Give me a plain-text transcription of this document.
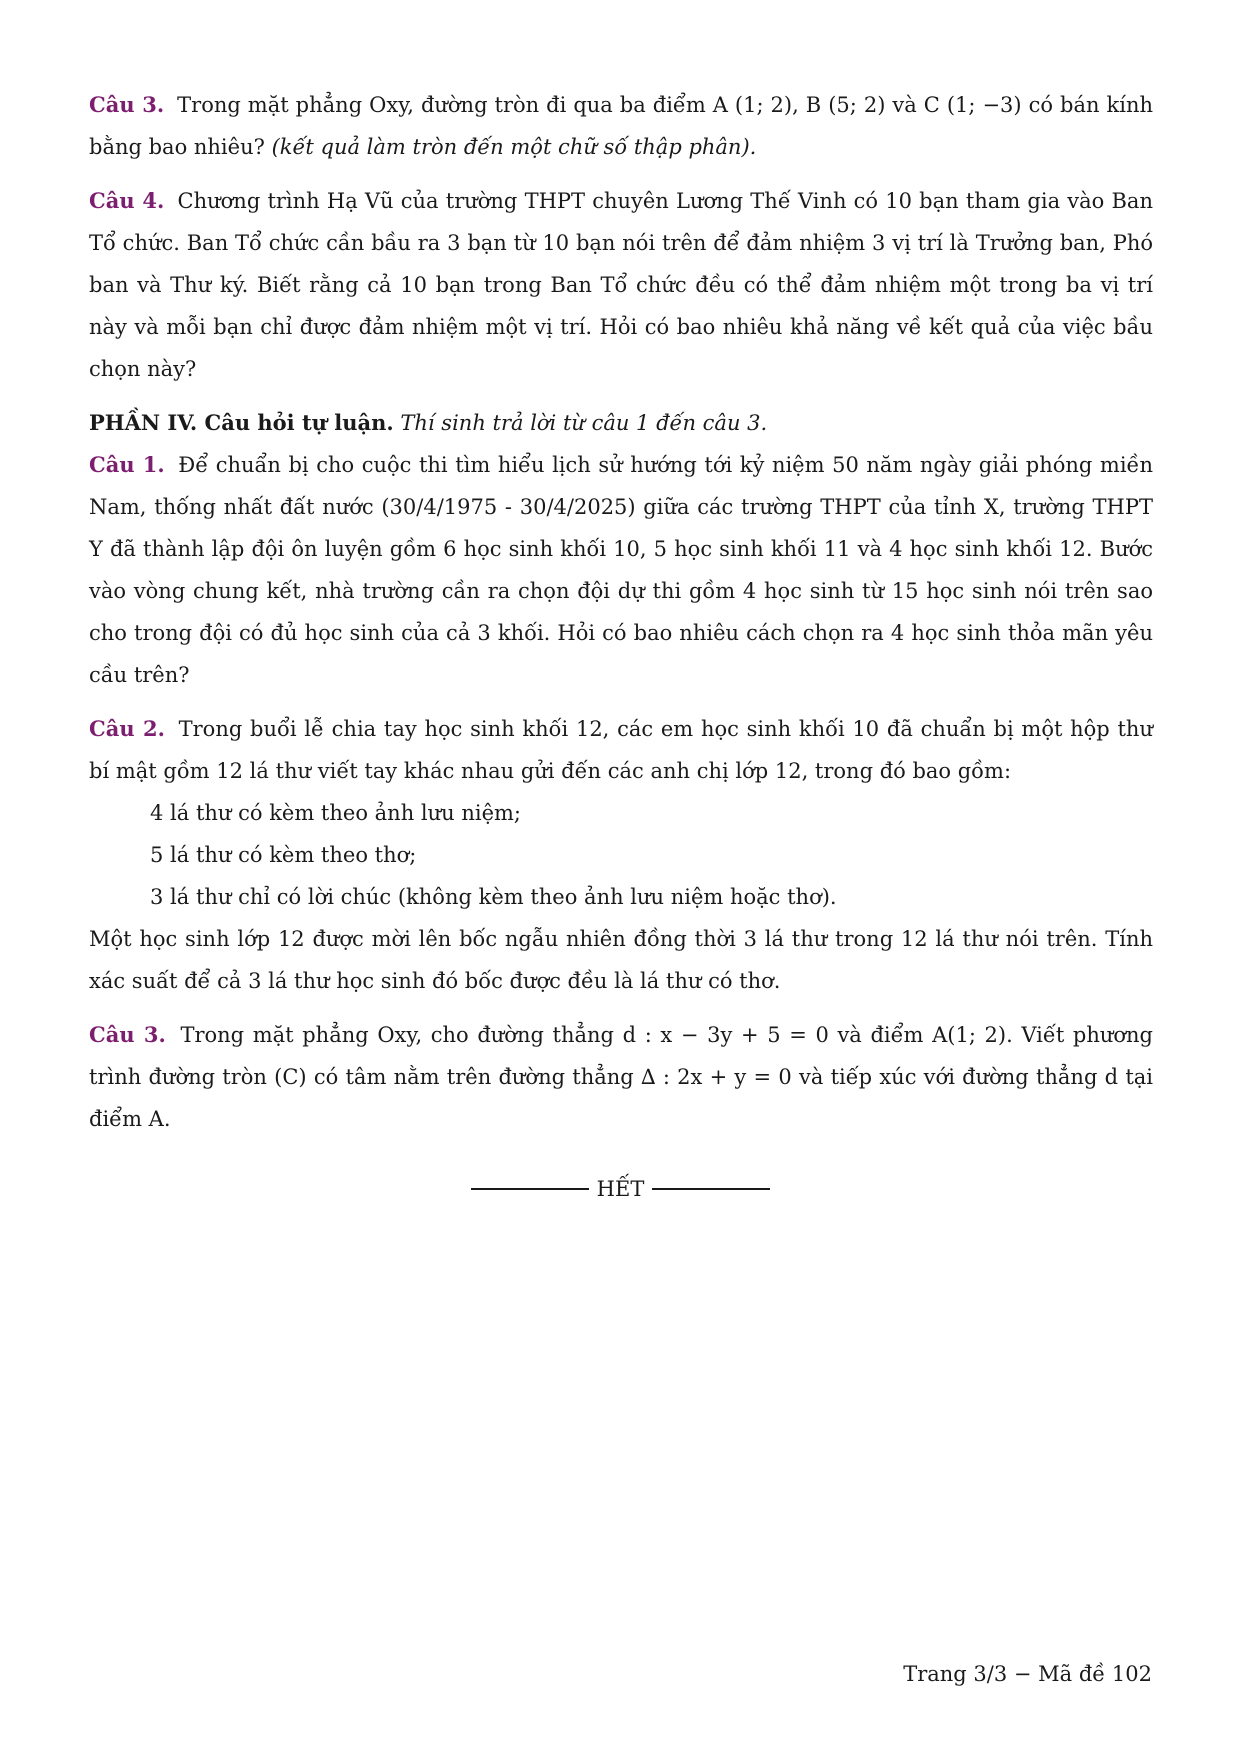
Câu 3. Trong mặt phẳng Oxy, đường tròn đi qua ba điểm A (1; 2), B (5; 2) và C (1; −3) có bán kính bằng bao nhiêu? (kết quả làm tròn đến một chữ số thập phân).

Câu 4. Chương trình Hạ Vũ của trường THPT chuyên Lương Thế Vinh có 10 bạn tham gia vào Ban Tổ chức. Ban Tổ chức cần bầu ra 3 bạn từ 10 bạn nói trên để đảm nhiệm 3 vị trí là Trưởng ban, Phó ban và Thư ký. Biết rằng cả 10 bạn trong Ban Tổ chức đều có thể đảm nhiệm một trong ba vị trí này và mỗi bạn chỉ được đảm nhiệm một vị trí. Hỏi có bao nhiêu khả năng về kết quả của việc bầu chọn này?

PHẦN IV. Câu hỏi tự luận. Thí sinh trả lời từ câu 1 đến câu 3.

Câu 1. Để chuẩn bị cho cuộc thi tìm hiểu lịch sử hướng tới kỷ niệm 50 năm ngày giải phóng miền Nam, thống nhất đất nước (30/4/1975 - 30/4/2025) giữa các trường THPT của tỉnh X, trường THPT Y đã thành lập đội ôn luyện gồm 6 học sinh khối 10, 5 học sinh khối 11 và 4 học sinh khối 12. Bước vào vòng chung kết, nhà trường cần ra chọn đội dự thi gồm 4 học sinh từ 15 học sinh nói trên sao cho trong đội có đủ học sinh của cả 3 khối. Hỏi có bao nhiêu cách chọn ra 4 học sinh thỏa mãn yêu cầu trên?

Câu 2. Trong buổi lễ chia tay học sinh khối 12, các em học sinh khối 10 đã chuẩn bị một hộp thư bí mật gồm 12 lá thư viết tay khác nhau gửi đến các anh chị lớp 12, trong đó bao gồm:

4 lá thư có kèm theo ảnh lưu niệm;

5 lá thư có kèm theo thơ;

3 lá thư chỉ có lời chúc (không kèm theo ảnh lưu niệm hoặc thơ).

Một học sinh lớp 12 được mời lên bốc ngẫu nhiên đồng thời 3 lá thư trong 12 lá thư nói trên. Tính xác suất để cả 3 lá thư học sinh đó bốc được đều là lá thư có thơ.

Câu 3. Trong mặt phẳng Oxy, cho đường thẳng d : x − 3y + 5 = 0 và điểm A(1; 2). Viết phương trình đường tròn (C) có tâm nằm trên đường thẳng ∆ : 2x + y = 0 và tiếp xúc với đường thẳng d tại điểm A.

HẾT
Trang 3/3 − Mã đề 102
